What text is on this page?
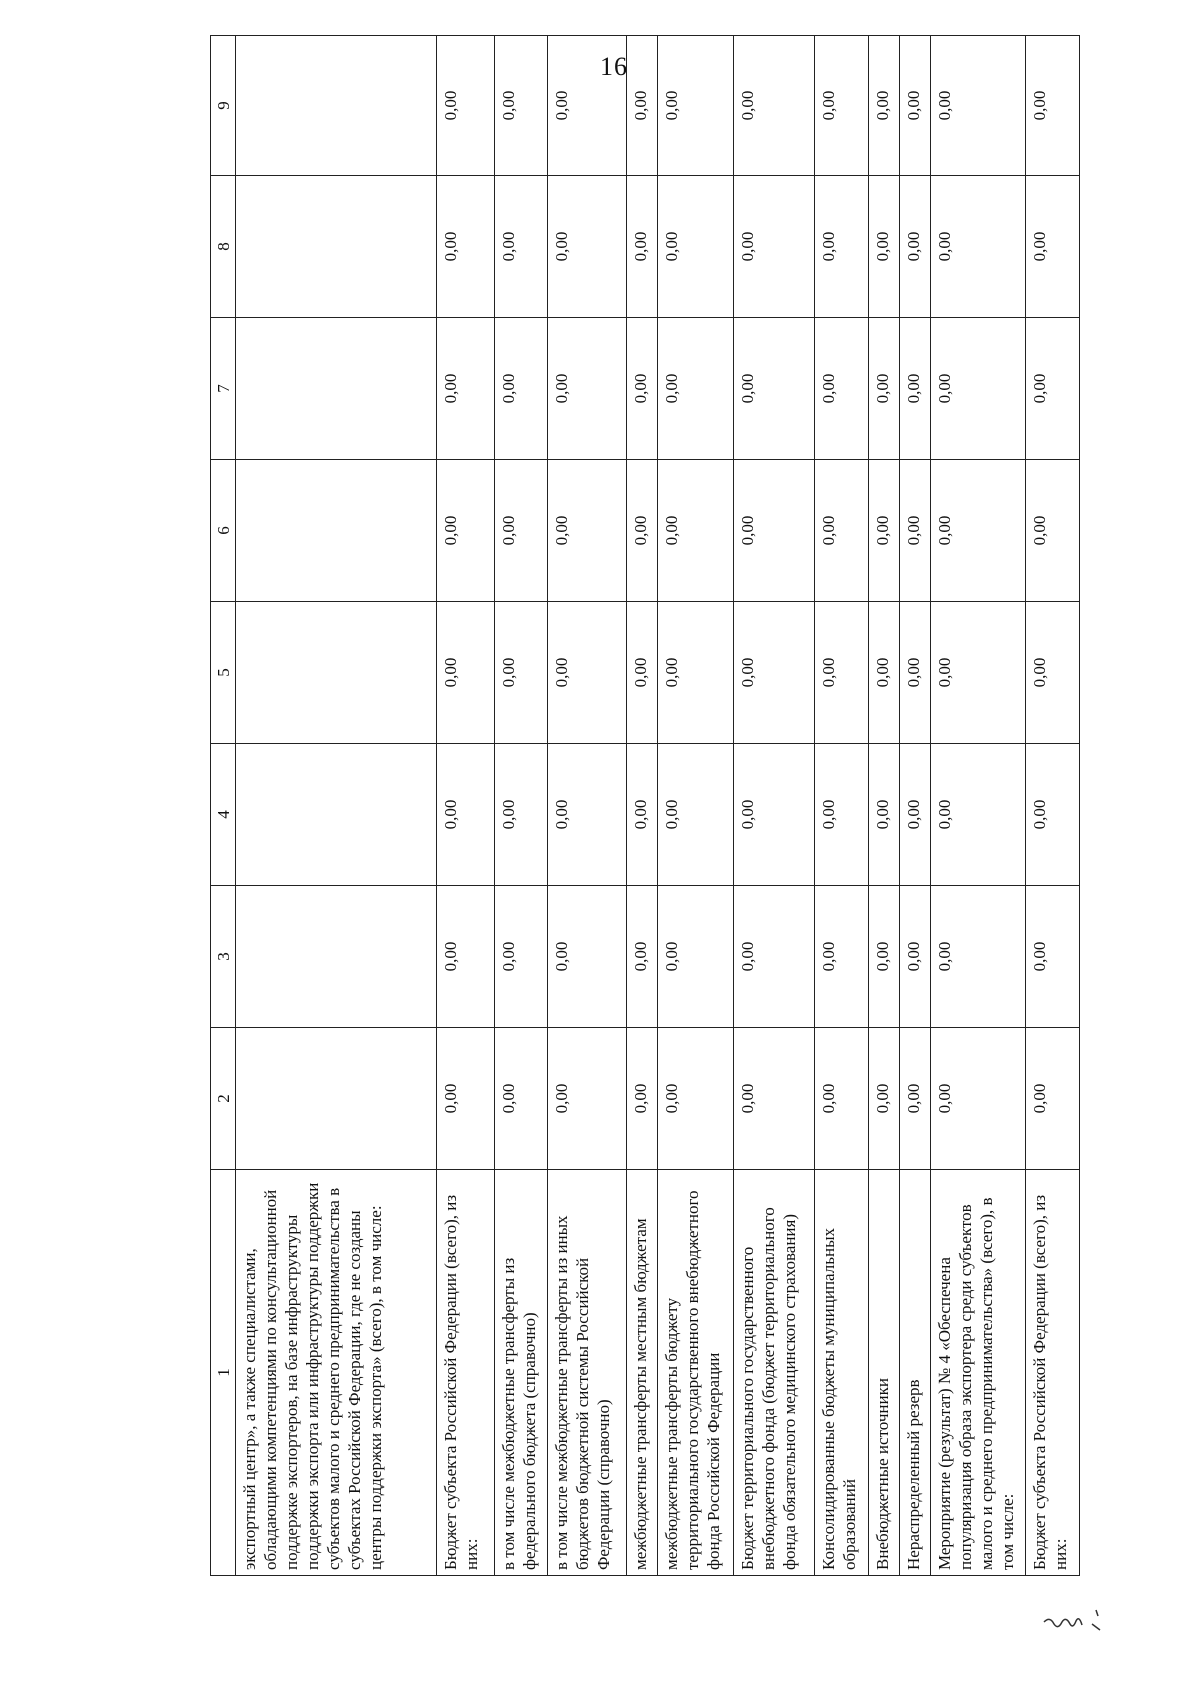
16
1	2	3	4	5	6	7	8	9
экспортный центр», а также специалистами, обладающими компетенциями по консультационной поддержке экспортеров, на базе инфраструктуры поддержки экспорта или инфраструктуры поддержки субъектов малого и среднего предпринимательства в субъектах Российской Федерации, где не созданы центры поддержки экспорта» (всего), в том числе:								
Бюджет субъекта Российской Федерации (всего), из них:	0,00	0,00	0,00	0,00	0,00	0,00	0,00	0,00
в том числе межбюджетные трансферты из федерального бюджета (справочно)	0,00	0,00	0,00	0,00	0,00	0,00	0,00	0,00
в том числе межбюджетные трансферты из иных бюджетов бюджетной системы Российской Федерации (справочно)	0,00	0,00	0,00	0,00	0,00	0,00	0,00	0,00
межбюджетные трансферты местным бюджетам	0,00	0,00	0,00	0,00	0,00	0,00	0,00	0,00
межбюджетные трансферты бюджету территориального государственного внебюджетного фонда Российской Федерации	0,00	0,00	0,00	0,00	0,00	0,00	0,00	0,00
Бюджет территориального государственного внебюджетного фонда (бюджет территориального фонда обязательного медицинского страхования)	0,00	0,00	0,00	0,00	0,00	0,00	0,00	0,00
Консолидированные бюджеты муниципальных образований	0,00	0,00	0,00	0,00	0,00	0,00	0,00	0,00
Внебюджетные источники	0,00	0,00	0,00	0,00	0,00	0,00	0,00	0,00
Нераспределенный резерв	0,00	0,00	0,00	0,00	0,00	0,00	0,00	0,00
Мероприятие (результат) № 4 «Обеспечена популяризация образа экспортера среди субъектов малого и среднего предпринимательства» (всего), в том числе:	0,00	0,00	0,00	0,00	0,00	0,00	0,00	0,00
Бюджет субъекта Российской Федерации (всего), из них:	0,00	0,00	0,00	0,00	0,00	0,00	0,00	0,00
